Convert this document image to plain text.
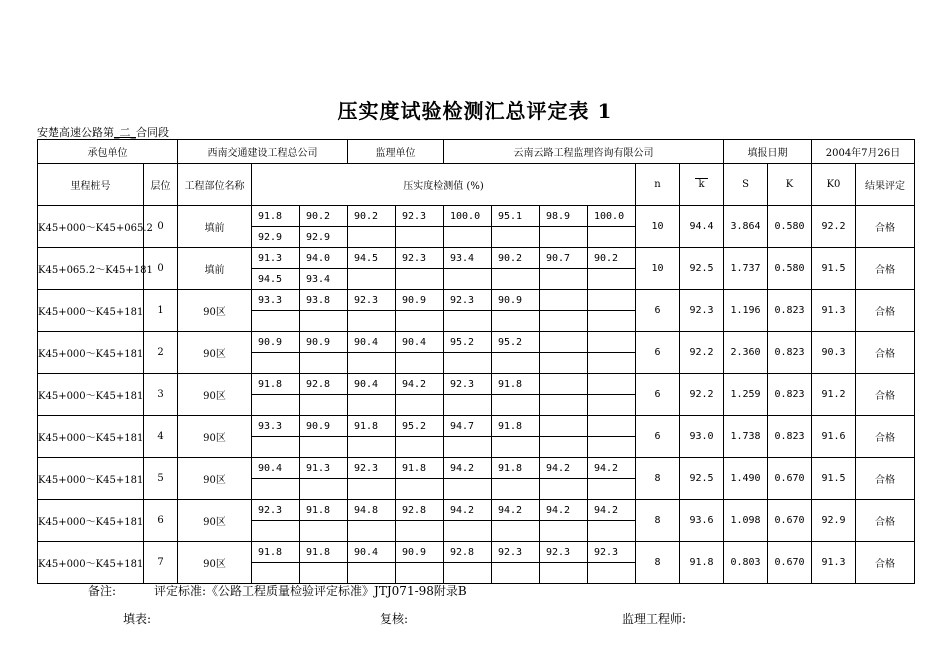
压实度试验检测汇总评定表 1
安楚高速公路第_二_合同段
承包单位		西南交通建设工程总公司			监理单位		云南云路工程监理咨询有限公司						填报日期		2004年7月26日	
里程桩号	层位	工程部位名称	压实度检测值 (%)								n	k	S	K	K0	结果评定
K45+000～K45+065.2	0	填前	91.8	90.2	90.2	92.3	100.0	95.1	98.9	100.0	10	94.4	3.864	0.580	92.2	合格
			92.9	92.9												
K45+065.2～K45+181	0	填前	91.3	94.0	94.5	92.3	93.4	90.2	90.7	90.2	10	92.5	1.737	0.580	91.5	合格
			94.5	93.4												
K45+000～K45+181	1	90区	93.3	93.8	92.3	90.9	92.3	90.9			6	92.3	1.196	0.823	91.3	合格

K45+000～K45+181	2	90区	90.9	90.9	90.4	90.4	95.2	95.2			6	92.2	2.360	0.823	90.3	合格

K45+000～K45+181	3	90区	91.8	92.8	90.4	94.2	92.3	91.8			6	92.2	1.259	0.823	91.2	合格

K45+000～K45+181	4	90区	93.3	90.9	91.8	95.2	94.7	91.8			6	93.0	1.738	0.823	91.6	合格

K45+000～K45+181	5	90区	90.4	91.3	92.3	91.8	94.2	91.8	94.2	94.2	8	92.5	1.490	0.670	91.5	合格

K45+000～K45+181	6	90区	92.3	91.8	94.8	92.8	94.2	94.2	94.2	94.2	8	93.6	1.098	0.670	92.9	合格

K45+000～K45+181	7	90区	91.8	91.8	90.4	90.9	92.8	92.3	92.3	92.3	8	91.8	0.803	0.670	91.3	合格

备注:	评定标准:《公路工程质量检验评定标准》JTJ071-98附录B
填表:	复核:	监理工程师:
